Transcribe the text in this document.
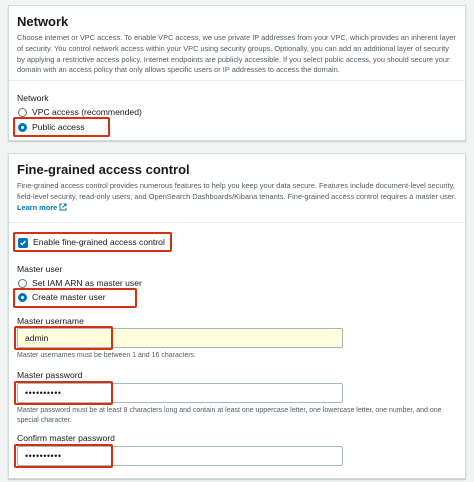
Network
Choose internet or VPC access. To enable VPC access, we use private IP addresses from your VPC, which provides an inherent layer of security. You control network access within your VPC using security groups. Optionally, you can add an additional layer of security by applying a restrictive access policy. Internet endpoints are publicly accessible. If you select public access, you should secure your domain with an access policy that only allows specific users or IP addresses to access the domain.
Network
VPC access (recommended)
Public access
Fine-grained access control
Fine-grained access control provides numerous features to help you keep your data secure. Features include document-level security, field-level security, read-only users, and OpenSearch Dashboards/Kibana tenants. Fine-grained access control requires a master user. Learn more
Enable fine-grained access control
Master user
Set IAM ARN as master user
Create master user
Master username
admin
Master usernames must be between 1 and 16 characters.
Master password
••••••••••
Master password must be at least 8 characters long and contain at least one uppercase letter, one lowercase letter, one number, and one special character.
Confirm master password
••••••••••
